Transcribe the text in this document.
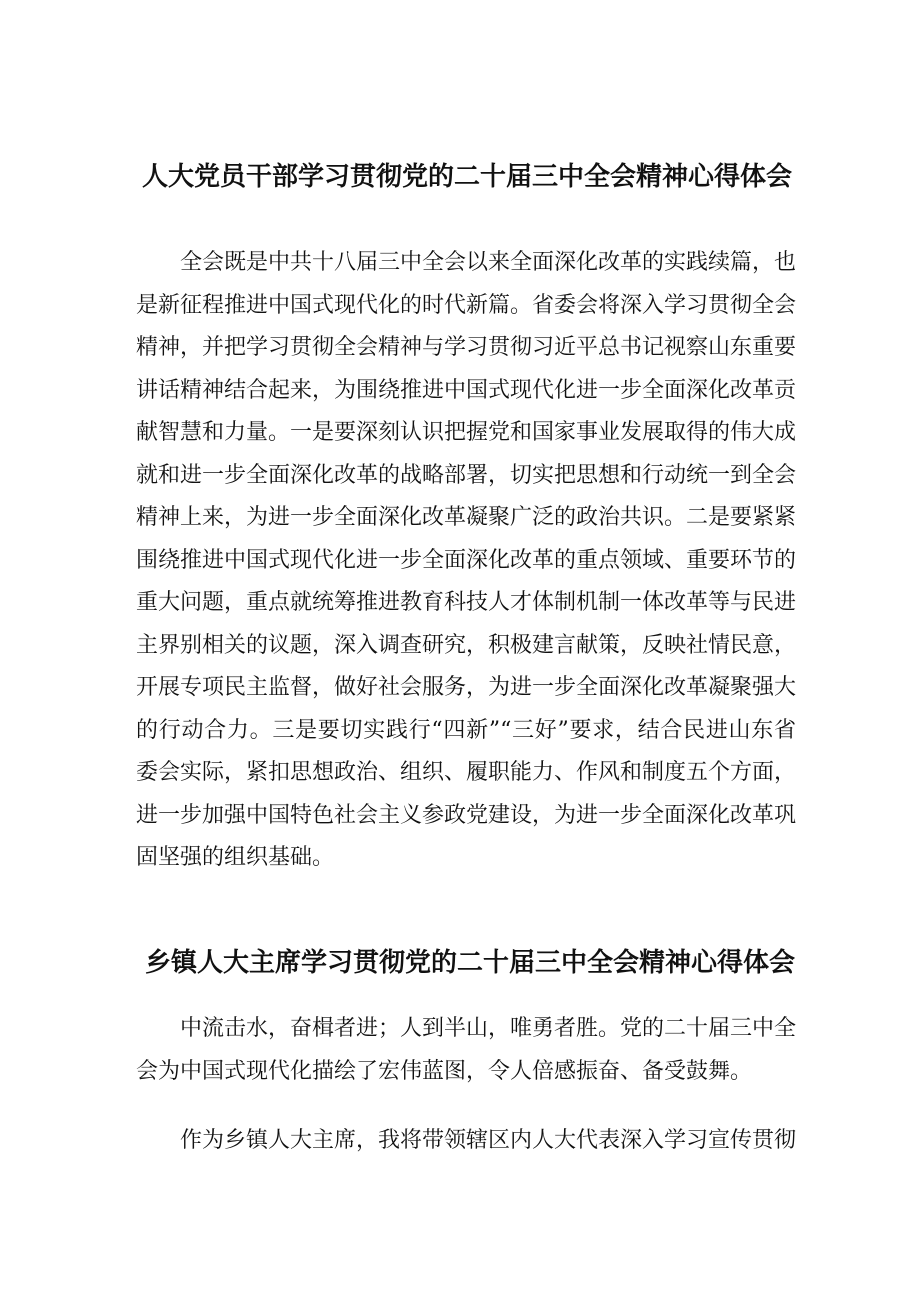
人大党员干部学习贯彻党的二十届三中全会精神心得体会

全会既是中共十八届三中全会以来全面深化改革的实践续篇，也是新征程推进中国式现代化的时代新篇。省委会将深入学习贯彻全会精神，并把学习贯彻全会精神与学习贯彻习近平总书记视察山东重要讲话精神结合起来，为围绕推进中国式现代化进一步全面深化改革贡献智慧和力量。一是要深刻认识把握党和国家事业发展取得的伟大成就和进一步全面深化改革的战略部署，切实把思想和行动统一到全会精神上来，为进一步全面深化改革凝聚广泛的政治共识。二是要紧紧围绕推进中国式现代化进一步全面深化改革的重点领域、重要环节的重大问题，重点就统筹推进教育科技人才体制机制一体改革等与民进主界别相关的议题，深入调查研究，积极建言献策，反映社情民意，开展专项民主监督，做好社会服务，为进一步全面深化改革凝聚强大的行动合力。三是要切实践行“四新”“三好”要求，结合民进山东省委会实际，紧扣思想政治、组织、履职能力、作风和制度五个方面，进一步加强中国特色社会主义参政党建设，为进一步全面深化改革巩固坚强的组织基础。

乡镇人大主席学习贯彻党的二十届三中全会精神心得体会

中流击水，奋楫者进；人到半山，唯勇者胜。党的二十届三中全会为中国式现代化描绘了宏伟蓝图，令人倍感振奋、备受鼓舞。

作为乡镇人大主席，我将带领辖区内人大代表深入学习宣传贯彻
